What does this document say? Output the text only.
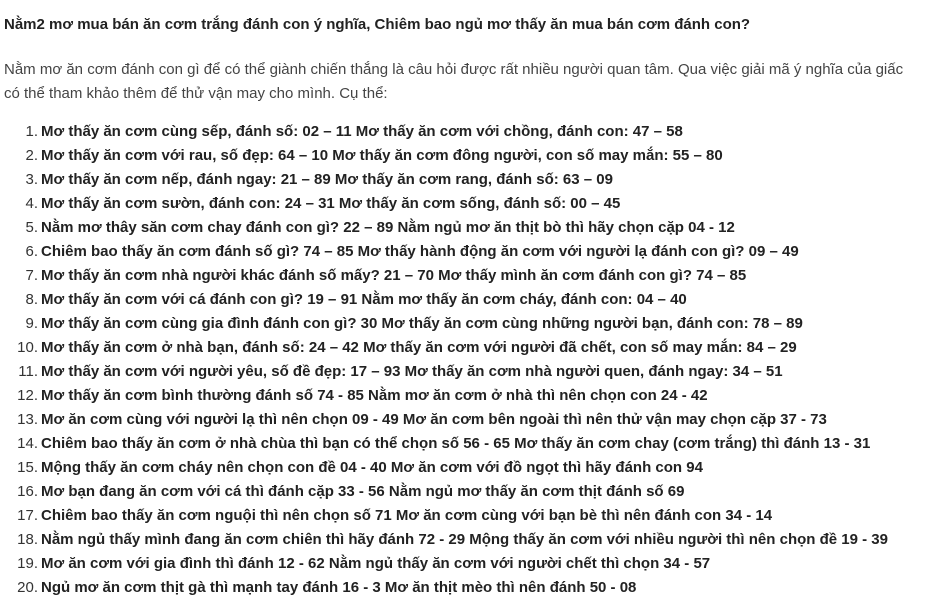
Nằm2 mơ mua bán ăn cơm trắng đánh con ý nghĩa, Chiêm bao ngủ mơ thấy ăn mua bán cơm đánh con?
Nằm mơ ăn cơm đánh con gì để có thể giành chiến thắng là câu hỏi được rất nhiều người quan tâm. Qua việc giải mã ý nghĩa của giấc
có thể tham khảo thêm để thử vận may cho mình. Cụ thể:
1. Mơ thấy ăn cơm cùng sếp, đánh số: 02 – 11 Mơ thấy ăn cơm với chồng, đánh con: 47 – 58
2. Mơ thấy ăn cơm với rau, số đẹp: 64 – 10 Mơ thấy ăn cơm đông người, con số may mắn: 55 – 80
3. Mơ thấy ăn cơm nếp, đánh ngay: 21 – 89 Mơ thấy ăn cơm rang, đánh số: 63 – 09
4. Mơ thấy ăn cơm sườn, đánh con: 24 – 31 Mơ thấy ăn cơm sống, đánh số: 00 – 45
5. Nằm mơ thây săn cơm chay đánh con gì? 22 – 89 Nằm ngủ mơ ăn thịt bò thì hãy chọn cặp 04 - 12
6. Chiêm bao thấy ăn cơm đánh số gì? 74 – 85 Mơ thấy hành động ăn cơm với người lạ đánh con gì? 09 – 49
7. Mơ thấy ăn cơm nhà người khác đánh số mấy? 21 – 70 Mơ thấy mình ăn cơm đánh con gì? 74 – 85
8. Mơ thấy ăn cơm với cá đánh con gì? 19 – 91 Nằm mơ thấy ăn cơm cháy, đánh con: 04 – 40
9. Mơ thấy ăn cơm cùng gia đình đánh con gì? 30 Mơ thấy ăn cơm cùng những người bạn, đánh con: 78 – 89
10. Mơ thấy ăn cơm ở nhà bạn, đánh số: 24 – 42 Mơ thấy ăn cơm với người đã chết, con số may mắn: 84 – 29
11. Mơ thấy ăn cơm với người yêu, số đề đẹp: 17 – 93 Mơ thấy ăn cơm nhà người quen, đánh ngay: 34 – 51
12. Mơ thấy ăn cơm bình thường đánh số 74 - 85 Nằm mơ ăn cơm ở nhà thì nên chọn con 24 - 42
13. Mơ ăn cơm cùng với người lạ thì nên chọn 09 - 49 Mơ ăn cơm bên ngoài thì nên thử vận may chọn cặp 37 - 73
14. Chiêm bao thấy ăn cơm ở nhà chùa thì bạn có thể chọn số 56 - 65 Mơ thấy ăn cơm chay (cơm trắng) thì đánh 13 - 31
15. Mộng thấy ăn cơm cháy nên chọn con đề 04 - 40 Mơ ăn cơm với đồ ngọt thì hãy đánh con 94
16. Mơ bạn đang ăn cơm với cá thì đánh cặp 33 - 56 Nằm ngủ mơ thấy ăn cơm thịt đánh số 69
17. Chiêm bao thấy ăn cơm nguội thì nên chọn số 71 Mơ ăn cơm cùng với bạn bè thì nên đánh con 34 - 14
18. Nằm ngủ thấy mình đang ăn cơm chiên thì hãy đánh 72 - 29 Mộng thấy ăn cơm với nhiều người thì nên chọn đề 19 - 39
19. Mơ ăn cơm với gia đình thì đánh 12 - 62 Nằm ngủ thấy ăn cơm với người chết thì chọn 34 - 57
20. Ngủ mơ ăn cơm thịt gà thì mạnh tay đánh 16 - 3 Mơ ăn thịt mèo thì nên đánh 50 - 08
